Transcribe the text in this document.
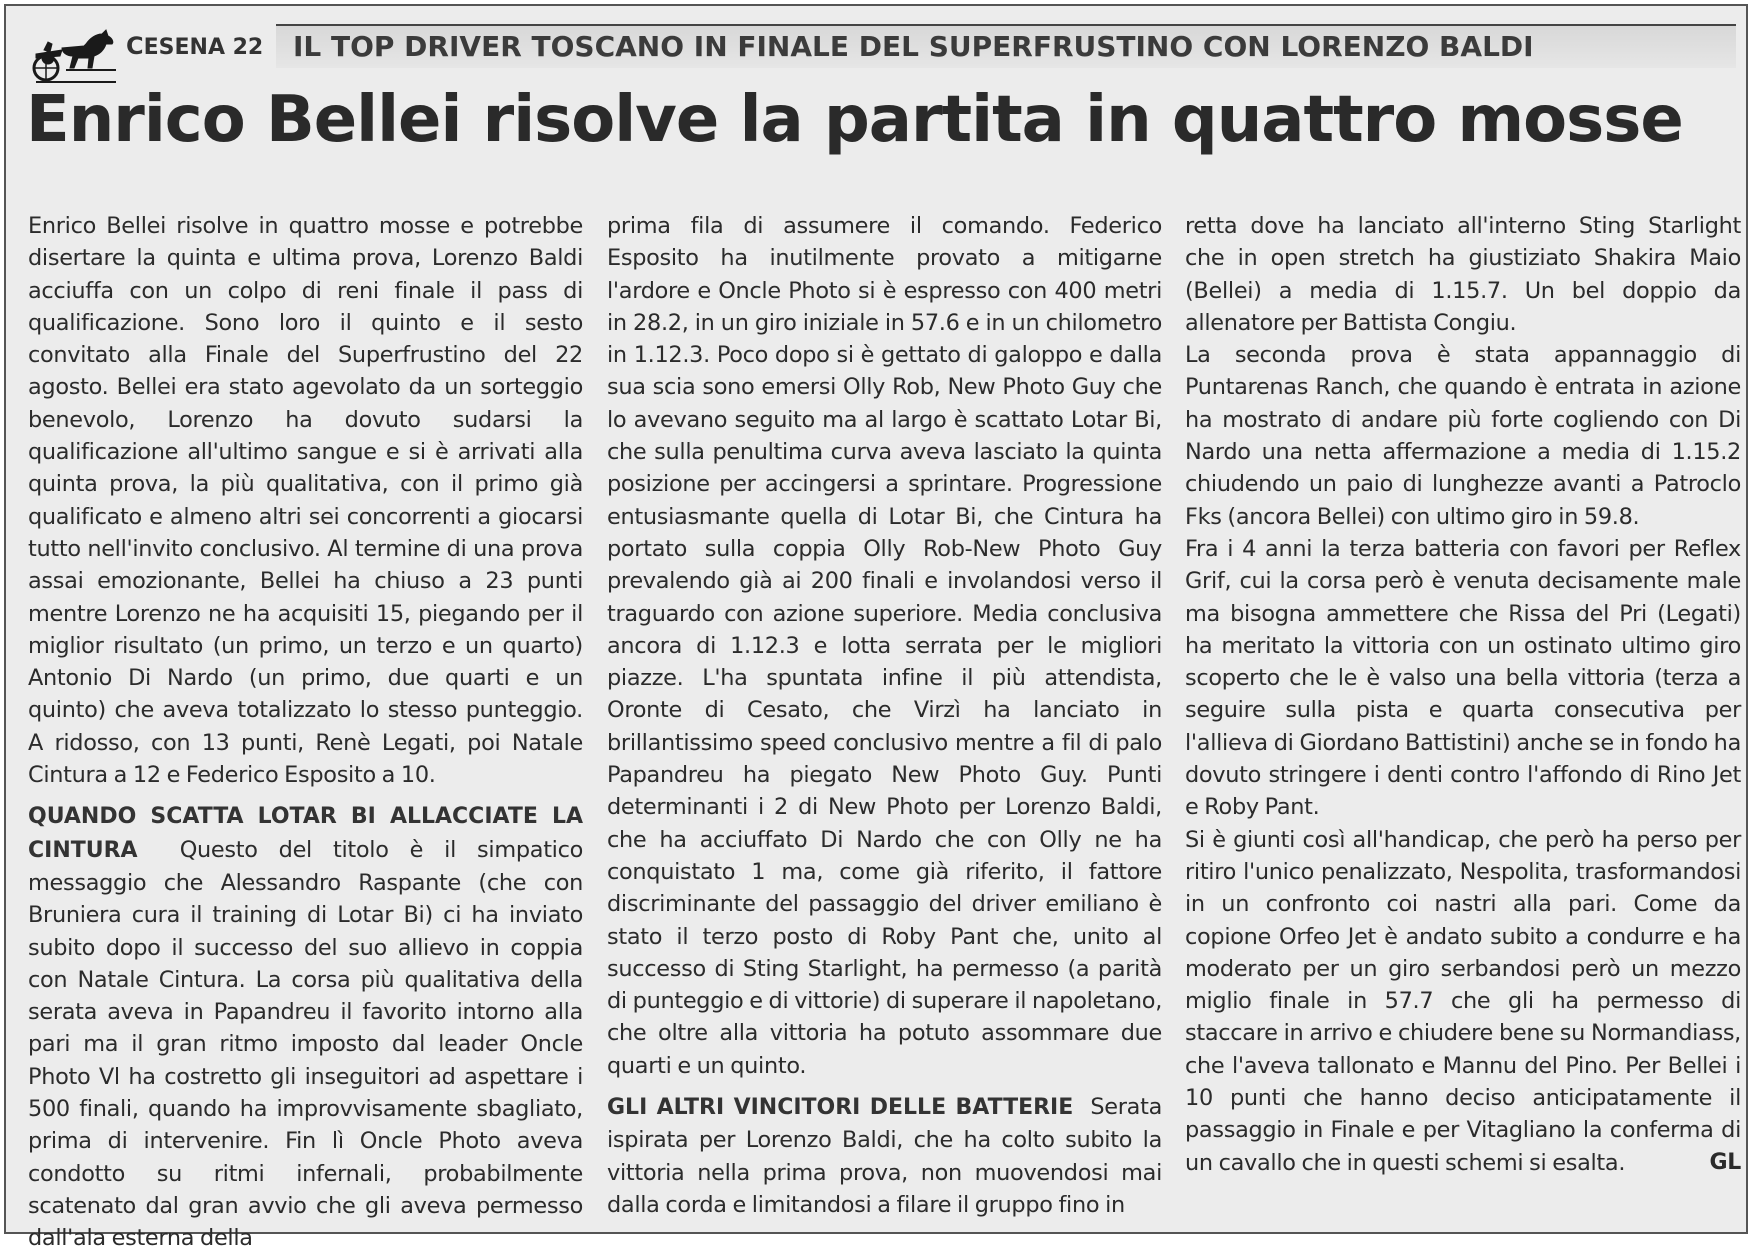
CESENA 22	IL TOP DRIVER TOSCANO IN FINALE DEL SUPERFRUSTINO CON LORENZO BALDI
Enrico Bellei risolve la partita in quattro mosse

Enrico Bellei risolve in quattro mosse e potrebbe disertare la quinta e ultima prova, Lorenzo Baldi acciuffa con un colpo di reni finale il pass di qualificazione. Sono loro il quinto e il sesto convitato alla Finale del Superfrustino del 22 agosto. Bellei era stato agevolato da un sorteggio benevolo, Lorenzo ha dovuto sudarsi la qualificazione all'ultimo sangue e si è arrivati alla quinta prova, la più qualitativa, con il primo già qualificato e almeno altri sei concorrenti a giocarsi tutto nell'invito conclusivo. Al termine di una prova assai emozionante, Bellei ha chiuso a 23 punti mentre Lorenzo ne ha acquisiti 15, piegando per il miglior risultato (un primo, un terzo e un quarto) Antonio Di Nardo (un primo, due quarti e un quinto) che aveva totalizzato lo stesso punteggio. A ridosso, con 13 punti, Renè Legati, poi Natale Cintura a 12 e Federico Esposito a 10.

QUANDO SCATTA LOTAR BI ALLACCIATE LA CINTURA Questo del titolo è il simpatico messaggio che Alessandro Raspante (che con Bruniera cura il training di Lotar Bi) ci ha inviato subito dopo il successo del suo allievo in coppia con Natale Cintura. La corsa più qualitativa della serata aveva in Papandreu il favorito intorno alla pari ma il gran ritmo imposto dal leader Oncle Photo Vl ha costretto gli inseguitori ad aspettare i 500 finali, quando ha improvvisamente sbagliato, prima di intervenire. Fin lì Oncle Photo aveva condotto su ritmi infernali, probabilmente scatenato dal gran avvio che gli aveva permesso dall'ala esterna della

prima fila di assumere il comando. Federico Esposito ha inutilmente provato a mitigarne l'ardore e Oncle Photo si è espresso con 400 metri in 28.2, in un giro iniziale in 57.6 e in un chilometro in 1.12.3. Poco dopo si è gettato di galoppo e dalla sua scia sono emersi Olly Rob, New Photo Guy che lo avevano seguito ma al largo è scattato Lotar Bi, che sulla penultima curva aveva lasciato la quinta posizione per accingersi a sprintare. Progressione entusiasmante quella di Lotar Bi, che Cintura ha portato sulla coppia Olly Rob-New Photo Guy prevalendo già ai 200 finali e involandosi verso il traguardo con azione superiore. Media conclusiva ancora di 1.12.3 e lotta serrata per le migliori piazze. L'ha spuntata infine il più attendista, Oronte di Cesato, che Virzì ha lanciato in brillantissimo speed conclusivo mentre a fil di palo Papandreu ha piegato New Photo Guy. Punti determinanti i 2 di New Photo per Lorenzo Baldi, che ha acciuffato Di Nardo che con Olly ne ha conquistato 1 ma, come già riferito, il fattore discriminante del passaggio del driver emiliano è stato il terzo posto di Roby Pant che, unito al successo di Sting Starlight, ha permesso (a parità di punteggio e di vittorie) di superare il napoletano, che oltre alla vittoria ha potuto assommare due quarti e un quinto.

GLI ALTRI VINCITORI DELLE BATTERIE Serata ispirata per Lorenzo Baldi, che ha colto subito la vittoria nella prima prova, non muovendosi mai dalla corda e limitandosi a filare il gruppo fino in

retta dove ha lanciato all'interno Sting Starlight che in open stretch ha giustiziato Shakira Maio (Bellei) a media di 1.15.7. Un bel doppio da allenatore per Battista Congiu.

La seconda prova è stata appannaggio di Puntarenas Ranch, che quando è entrata in azione ha mostrato di andare più forte cogliendo con Di Nardo una netta affermazione a media di 1.15.2 chiudendo un paio di lunghezze avanti a Patroclo Fks (ancora Bellei) con ultimo giro in 59.8.

Fra i 4 anni la terza batteria con favori per Reflex Grif, cui la corsa però è venuta decisamente male ma bisogna ammettere che Rissa del Pri (Legati) ha meritato la vittoria con un ostinato ultimo giro scoperto che le è valso una bella vittoria (terza a seguire sulla pista e quarta consecutiva per l'allieva di Giordano Battistini) anche se in fondo ha dovuto stringere i denti contro l'affondo di Rino Jet e Roby Pant.

Si è giunti così all'handicap, che però ha perso per ritiro l'unico penalizzato, Nespolita, trasformandosi in un confronto coi nastri alla pari. Come da copione Orfeo Jet è andato subito a condurre e ha moderato per un giro serbandosi però un mezzo miglio finale in 57.7 che gli ha permesso di staccare in arrivo e chiudere bene su Normandiass, che l'aveva tallonato e Mannu del Pino. Per Bellei i 10 punti che hanno deciso anticipatamente il passaggio in Finale e per Vitagliano la conferma di un cavallo che in questi schemi si esalta.	GL
